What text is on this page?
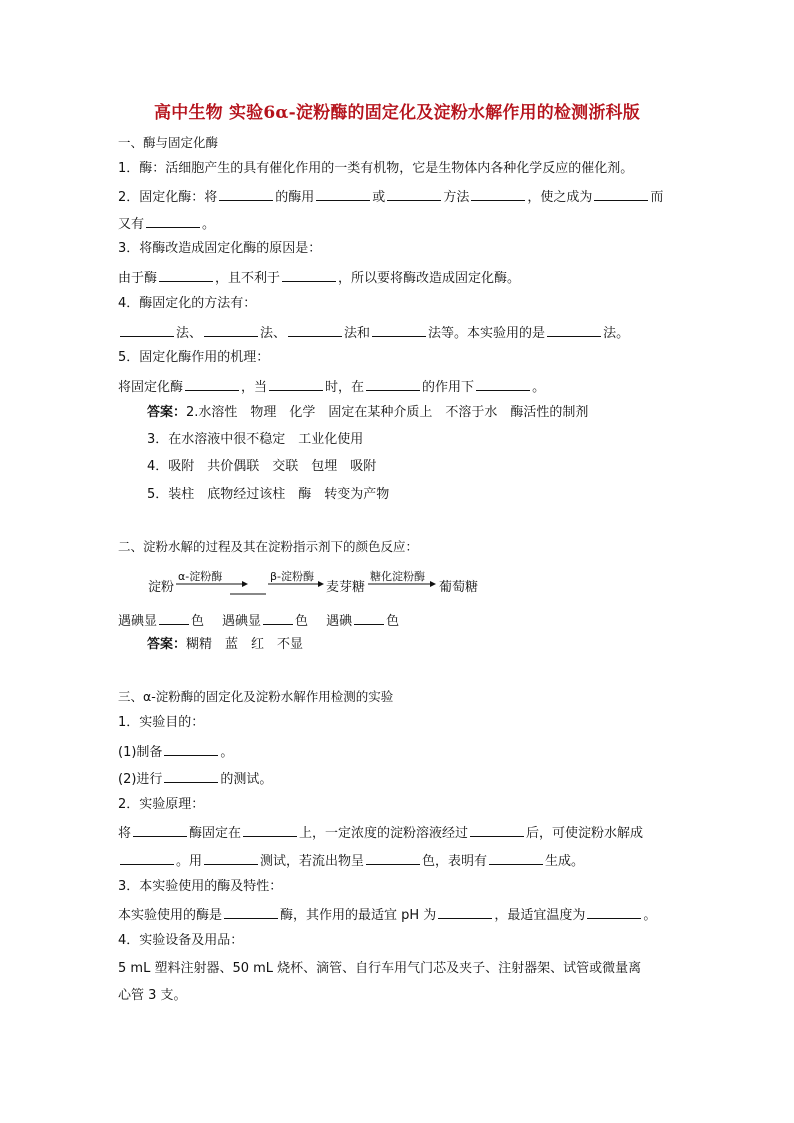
高中生物 实验6α-淀粉酶的固定化及淀粉水解作用的检测浙科版
一、酶与固定化酶
1．酶：活细胞产生的具有催化作用的一类有机物，它是生物体内各种化学反应的催化剂。
2．固定化酶：将	的酶用	或	方法	，使之成为	而
又有	。
3．将酶改造成固定化酶的原因是：
由于酶	，且不利于	，所以要将酶改造成固定化酶。
4．酶固定化的方法有：
法、	法、	法和	法等。本实验用的是	法。
5．固定化酶作用的机理：
将固定化酶	，当	时，在	的作用下	。
答案：2.水溶性　物理　化学　固定在某种介质上　不溶于水　酶活性的制剂
3．在水溶液中很不稳定　工业化使用
4．吸附　共价偶联　交联　包埋　吸附
5．装柱　底物经过该柱　酶　转变为产物
二、淀粉水解的过程及其在淀粉指示剂下的颜色反应：
淀粉
α-淀粉酶	β-淀粉酶
麦芽糖
糖化淀粉酶
葡萄糖
遇碘显	色 遇碘显	色 遇碘	色
答案：糊精　蓝　红　不显
三、α-淀粉酶的固定化及淀粉水解作用检测的实验
1．实验目的：
(1)制备	。
(2)进行	的测试。
2．实验原理：
将	酶固定在	上，一定浓度的淀粉溶液经过	后，可使淀粉水解成
。用	测试，若流出物呈	色，表明有	生成。
3．本实验使用的酶及特性：
本实验使用的酶是	酶，其作用的最适宜 pH 为	，最适宜温度为	。
4．实验设备及用品：
5 mL 塑料注射器、50 mL 烧杯、滴管、自行车用气门芯及夹子、注射器架、试管或微量离
心管 3 支。
